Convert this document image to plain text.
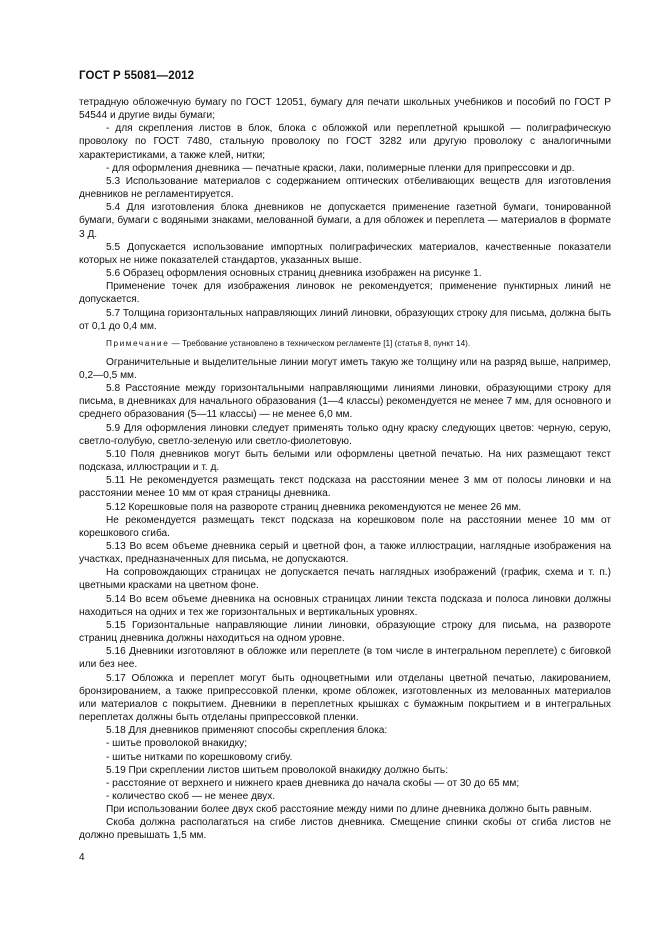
ГОСТ Р 55081—2012

тетрадную обложечную бумагу по ГОСТ 12051, бумагу для печати школьных учебников и пособий по ГОСТ Р 54544 и другие виды бумаги;

- для скрепления листов в блок, блока с обложкой или переплетной крышкой — полиграфическую проволоку по ГОСТ 7480, стальную проволоку по ГОСТ 3282 или другую проволоку с аналогичными характеристиками, а также клей, нитки;

- для оформления дневника — печатные краски, лаки, полимерные пленки для припрессовки и др.

5.3 Использование материалов с содержанием оптических отбеливающих веществ для изготовления дневников не регламентируется.

5.4 Для изготовления блока дневников не допускается применение газетной бумаги, тонированной бумаги, бумаги с водяными знаками, мелованной бумаги, а для обложек и переплета — материалов в формате 3 Д.

5.5 Допускается использование импортных полиграфических материалов, качественные показатели которых не ниже показателей стандартов, указанных выше.

5.6 Образец оформления основных страниц дневника изображен на рисунке 1.

Применение точек для изображения линовок не рекомендуется; применение пунктирных линий не допускается.

5.7 Толщина горизонтальных направляющих линий линовки, образующих строку для письма, должна быть от 0,1 до 0,4 мм.

Примечание — Требование установлено в техническом регламенте [1] (статья 8, пункт 14).

Ограничительные и выделительные линии могут иметь такую же толщину или на разряд выше, например, 0,2—0,5 мм.

5.8 Расстояние между горизонтальными направляющими линиями линовки, образующими строку для письма, в дневниках для начального образования (1—4 классы) рекомендуется не менее 7 мм, для основного и среднего образования (5—11 классы) — не менее 6,0 мм.

5.9 Для оформления линовки следует применять только одну краску следующих цветов: черную, серую, светло-голубую, светло-зеленую или светло-фиолетовую.

5.10 Поля дневников могут быть белыми или оформлены цветной печатью. На них размещают текст подсказа, иллюстрации и т. д.

5.11 Не рекомендуется размещать текст подсказа на расстоянии менее 3 мм от полосы линовки и на расстоянии менее 10 мм от края страницы дневника.

5.12 Корешковые поля на развороте страниц дневника рекомендуются не менее 26 мм.

Не рекомендуется размещать текст подсказа на корешковом поле на расстоянии менее 10 мм от корешкового сгиба.

5.13 Во всем объеме дневника серый и цветной фон, а также иллюстрации, наглядные изображения на участках, предназначенных для письма, не допускаются.

На сопровождающих страницах не допускается печать наглядных изображений (график, схема и т. п.) цветными красками на цветном фоне.

5.14 Во всем объеме дневника на основных страницах линии текста подсказа и полоса линовки должны находиться на одних и тех же горизонтальных и вертикальных уровнях.

5.15 Горизонтальные направляющие линии линовки, образующие строку для письма, на развороте страниц дневника должны находиться на одном уровне.

5.16 Дневники изготовляют в обложке или переплете (в том числе в интегральном переплете) с биговкой или без нее.

5.17 Обложка и переплет могут быть одноцветными или отделаны цветной печатью, лакированием, бронзированием, а также припрессовкой пленки, кроме обложек, изготовленных из мелованных материалов или материалов с покрытием. Дневники в переплетных крышках с бумажным покрытием и в интегральных переплетах должны быть отделаны припрессовкой пленки.

5.18 Для дневников применяют способы скрепления блока:

- шитье проволокой внакидку;

- шитье нитками по корешковому сгибу.

5.19 При скреплении листов шитьем проволокой внакидку должно быть:

- расстояние от верхнего и нижнего краев дневника до начала скобы — от 30 до 65 мм;

- количество скоб — не менее двух.

При использовании более двух скоб расстояние между ними по длине дневника должно быть равным.

Скоба должна располагаться на сгибе листов дневника. Смещение спинки скобы от сгиба листов не должно превышать 1,5 мм.

4
